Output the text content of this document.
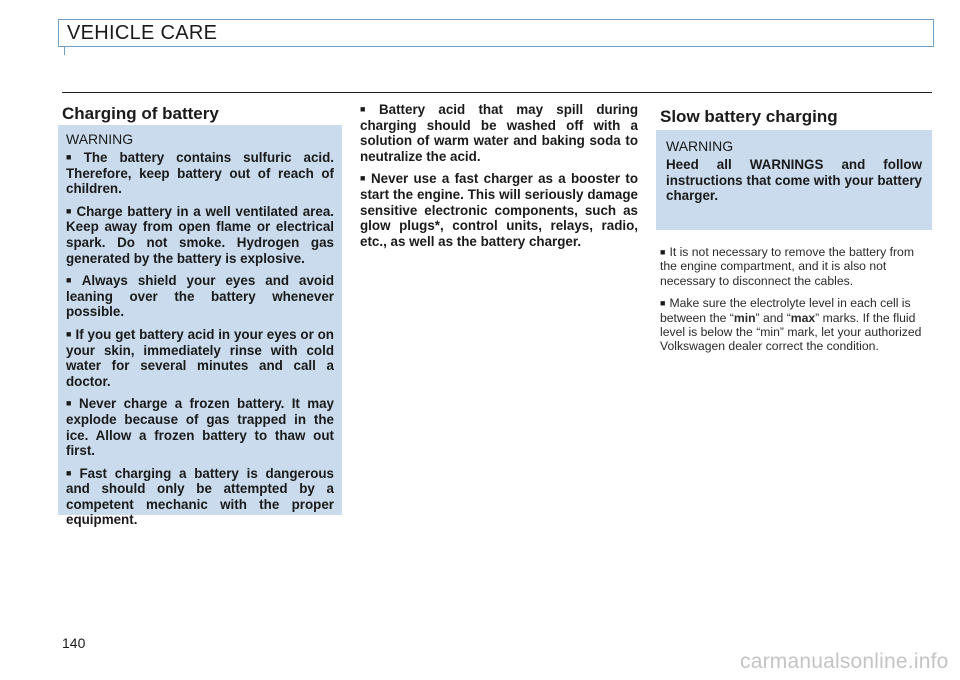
VEHICLE CARE
Charging of battery
WARNING

■ The battery contains sulfuric acid. Therefore, keep battery out of reach of children.

■ Charge battery in a well ventilated area. Keep away from open flame or electrical spark. Do not smoke. Hydrogen gas generated by the battery is explosive.

■ Always shield your eyes and avoid leaning over the battery whenever possible.

■ If you get battery acid in your eyes or on your skin, immediately rinse with cold water for several minutes and call a doctor.

■ Never charge a frozen battery. It may explode because of gas trapped in the ice. Allow a frozen battery to thaw out first.

■ Fast charging a battery is dangerous and should only be attempted by a competent mechanic with the proper equipment.

■ Battery acid that may spill during charging should be washed off with a solution of warm water and baking soda to neutralize the acid.

■ Never use a fast charger as a booster to start the engine. This will seriously damage sensitive electronic components, such as glow plugs*, control units, relays, radio, etc., as well as the battery charger.

Slow battery charging
WARNING

Heed all WARNINGS and follow instructions that come with your battery charger.

■ It is not necessary to remove the battery from the engine compartment, and it is also not necessary to disconnect the cables.

■ Make sure the electrolyte level in each cell is between the “min” and “max” marks. If the fluid level is below the “min” mark, let your authorized Volkswagen dealer correct the condition.

140
carmanualsonline.info
